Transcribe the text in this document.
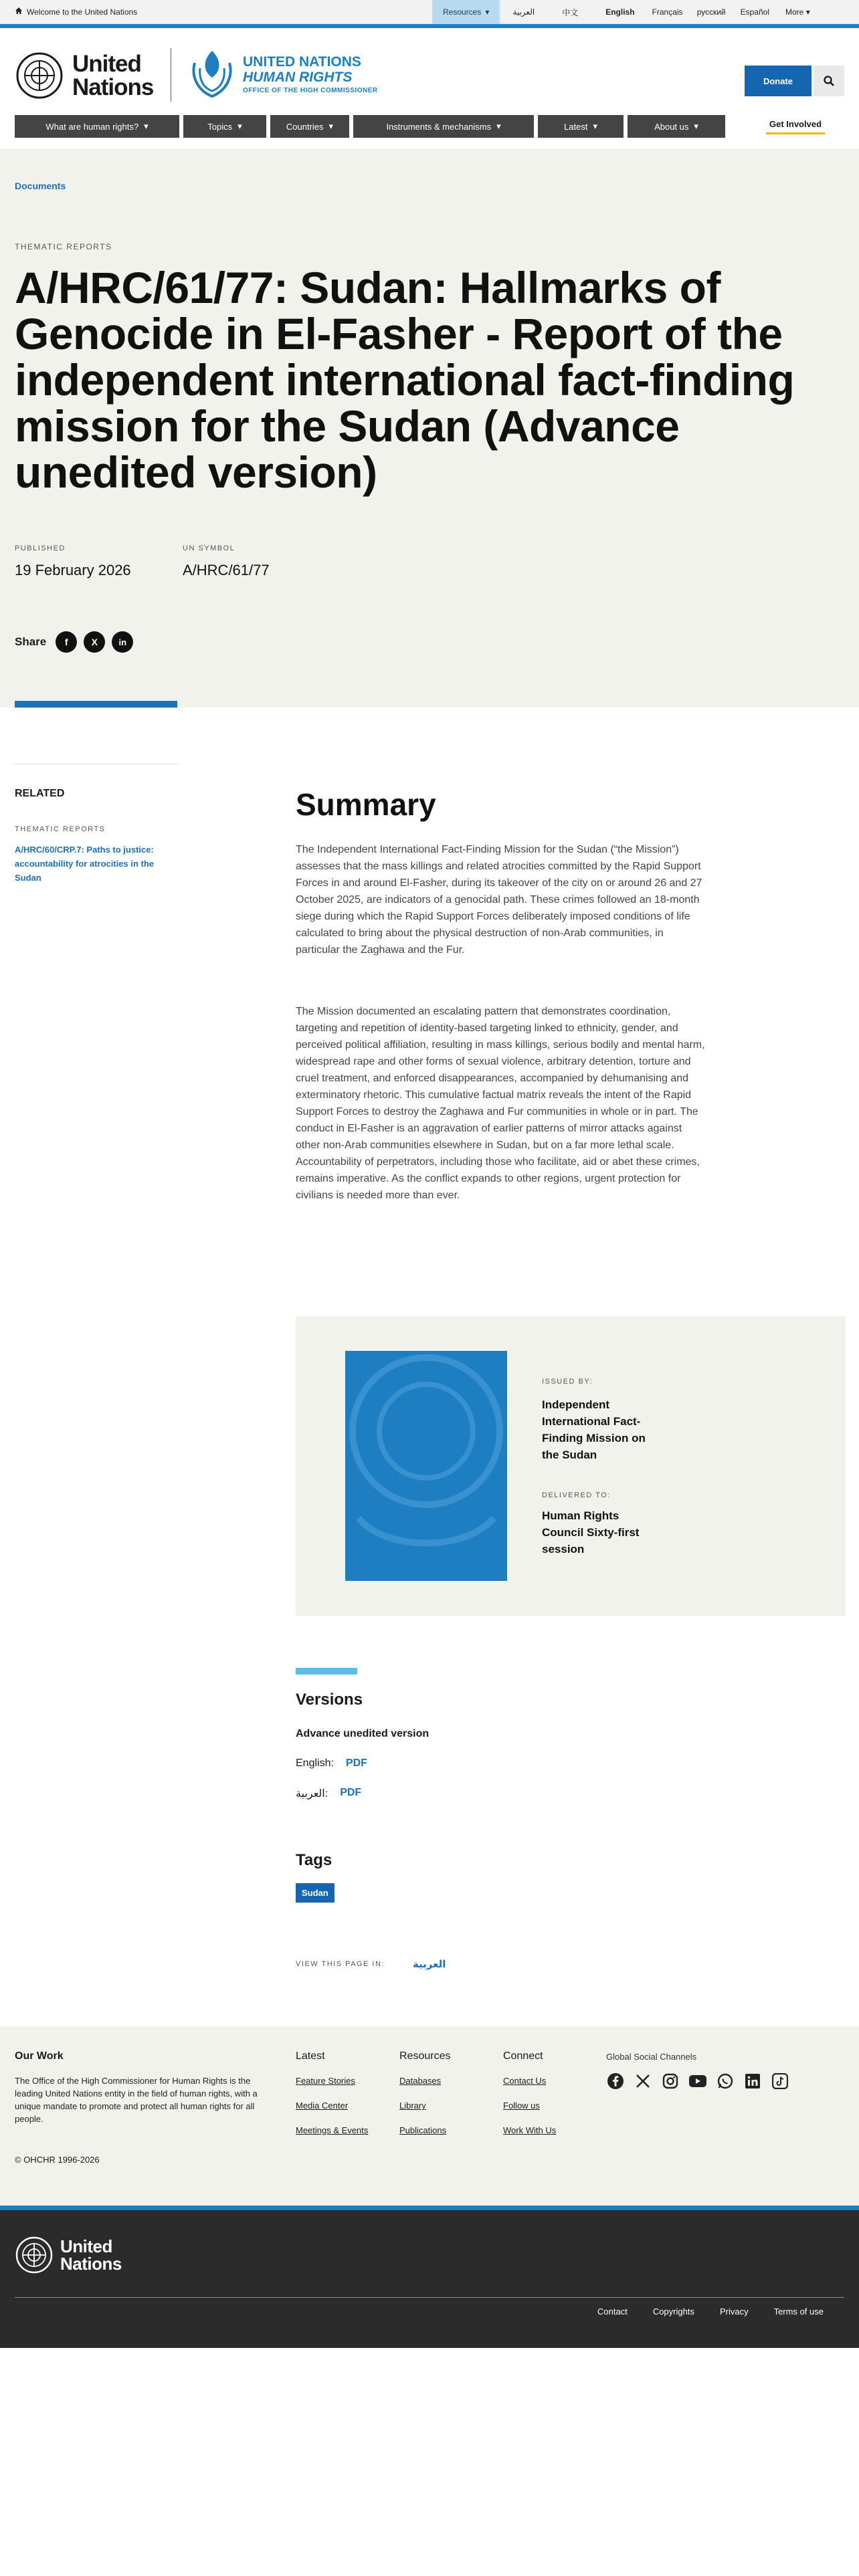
Welcome to the United Nations	Resources ▾	العربية	中文	English	Français	русский	Español	More ▾
United
Nations
UNITED NATIONS
HUMAN RIGHTS
OFFICE OF THE HIGH COMMISSIONER
Donate
What are human rights? ▾	Topics ▾	Countries ▾	Instruments & mechanisms ▾	Latest ▾	About us ▾	Get Involved
Documents
THEMATIC REPORTS
A/HRC/61/77: Sudan: Hallmarks of Genocide in El-Fasher - Report of the independent international fact-finding mission for the Sudan (Advance unedited version)
PUBLISHED
19 February 2026
UN SYMBOL
A/HRC/61/77
Share	f	X	in
RELATED
THEMATIC REPORTS
A/HRC/60/CRP.7: Paths to justice: accountability for atrocities in the Sudan
Summary

The Independent International Fact-Finding Mission for the Sudan (“the Mission”) assesses that the mass killings and related atrocities committed by the Rapid Support Forces in and around El-Fasher, during its takeover of the city on or around 26 and 27 October 2025, are indicators of a genocidal path. These crimes followed an 18-month siege during which the Rapid Support Forces deliberately imposed conditions of life calculated to bring about the physical destruction of non-Arab communities, in particular the Zaghawa and the Fur.

The Mission documented an escalating pattern that demonstrates coordination, targeting and repetition of identity-based targeting linked to ethnicity, gender, and perceived political affiliation, resulting in mass killings, serious bodily and mental harm, widespread rape and other forms of sexual violence, arbitrary detention, torture and cruel treatment, and enforced disappearances, accompanied by dehumanising and exterminatory rhetoric. This cumulative factual matrix reveals the intent of the Rapid Support Forces to destroy the Zaghawa and Fur communities in whole or in part. The conduct in El-Fasher is an aggravation of earlier patterns of mirror attacks against other non-Arab communities elsewhere in Sudan, but on a far more lethal scale. Accountability of perpetrators, including those who facilitate, aid or abet these crimes, remains imperative. As the conflict expands to other regions, urgent protection for civilians is needed more than ever.

ISSUED BY:
Independent International Fact-Finding Mission on the Sudan
DELIVERED TO:
Human Rights Council Sixty-first session
Versions
Advance unedited version
English: PDF
العربية: PDF
Tags
Sudan
VIEW THIS PAGE IN:	العربية
Our Work

The Office of the High Commissioner for Human Rights is the leading United Nations entity in the field of human rights, with a unique mandate to promote and protect all human rights for all people.

© OHCHR 1996-2026
Latest
Feature Stories
Media Center
Meetings & Events
Resources
Databases
Library
Publications
Connect
Contact Us
Follow us
Work With Us
Global Social Channels
United
Nations
Contact	Copyrights	Privacy	Terms of use
